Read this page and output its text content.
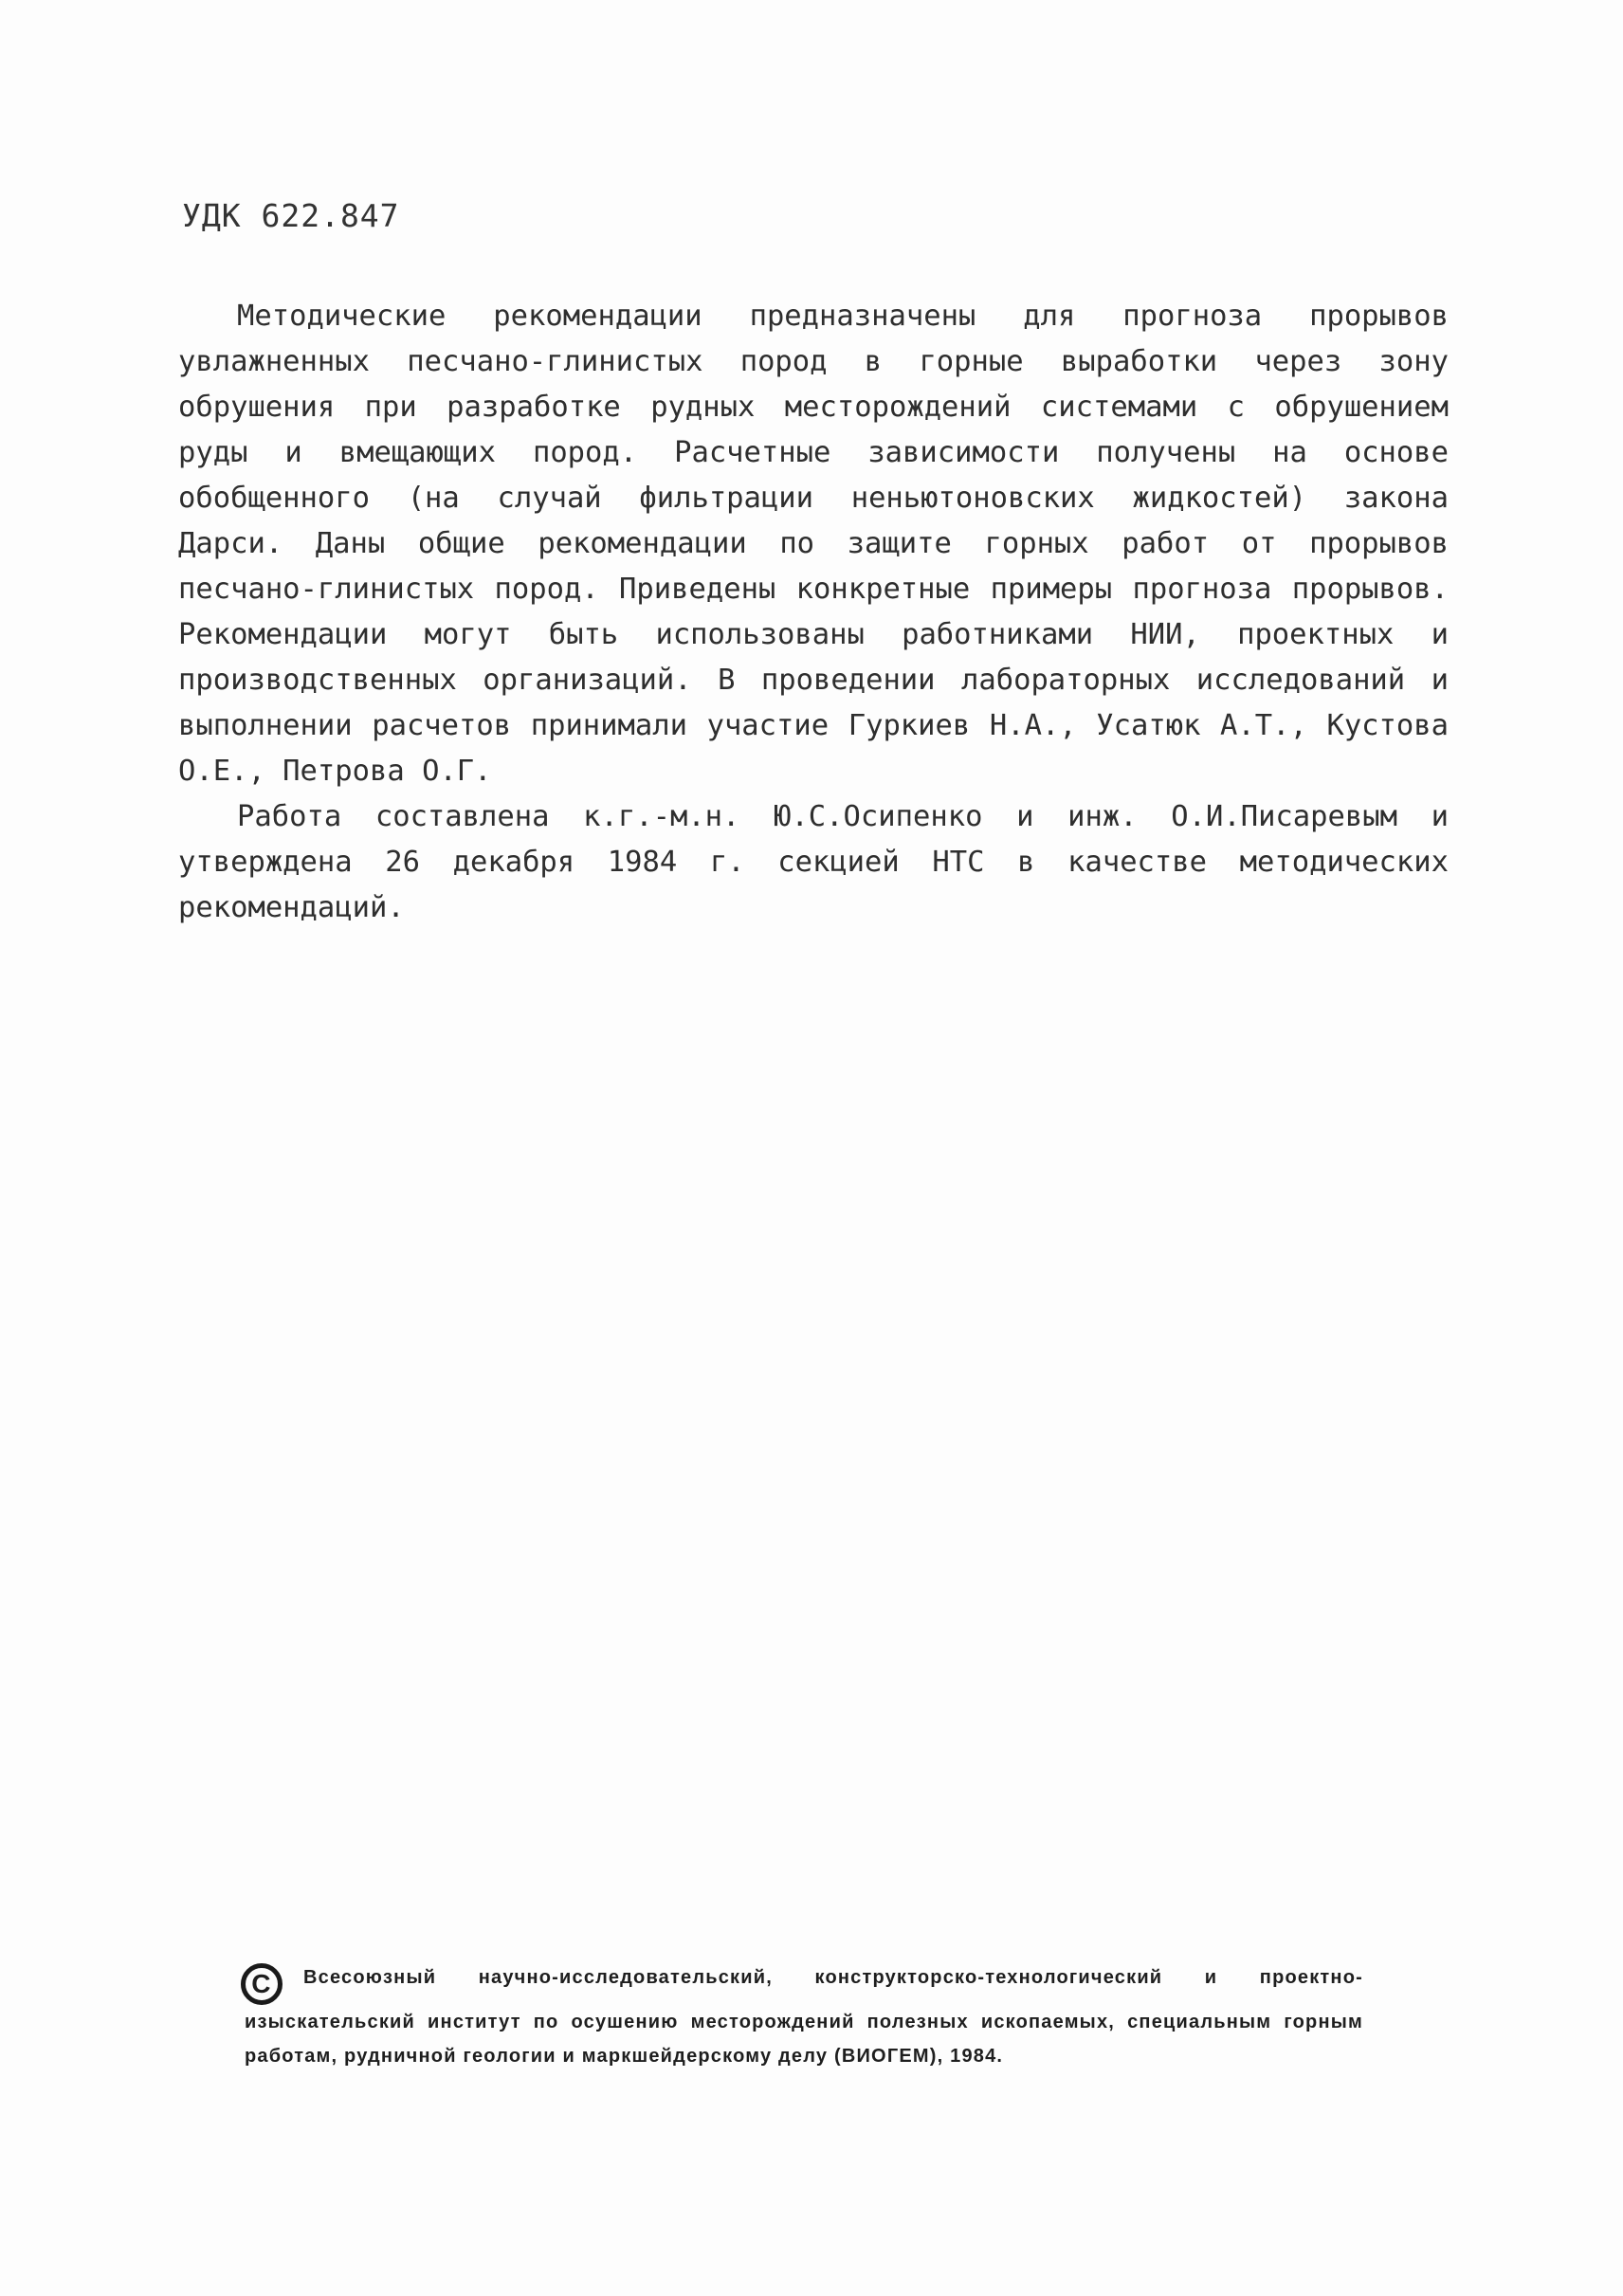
УДК 622.847

Методические рекомендации предназначены для прогноза прорывов увлажненных песчано-глинистых пород в горные выработки через зону обрушения при разработке рудных месторождений системами с обрушением руды и вмещающих пород. Расчетные зависимости получены на основе обобщенного (на случай фильтрации неньютоновских жидкостей) закона Дарси. Даны общие рекомендации по защите горных работ от прорывов песчано-глинистых пород. Приведены конкретные примеры прогноза прорывов. Рекомендации могут быть использованы работниками НИИ, проектных и производственных организаций. В проведении лабораторных исследований и выполнении расчетов принимали участие Гуркиев Н.А., Усатюк А.Т., Кустова О.Е., Петрова О.Г.

Работа составлена к.г.-м.н. Ю.С.Осипенко и инж. О.И.Писаревым и утверждена 26 декабря 1984 г. секцией НТС в качестве методических рекомендаций.

C Всесоюзный научно-исследовательский, конструкторско-технологический и проектно-изыскательский институт по осушению месторождений полезных ископаемых, специальным горным работам, рудничной геологии и маркшейдерскому делу (ВИОГЕМ), 1984.
